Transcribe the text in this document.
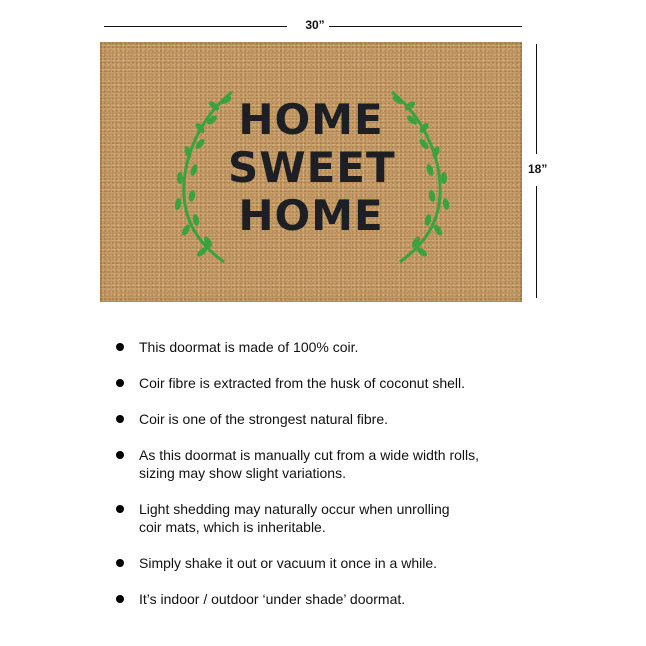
30”
18”
HOME
SWEET
HOME
This doormat is made of 100% coir.
Coir fibre is extracted from the husk of coconut shell.
Coir is one of the strongest natural fibre.
As this doormat is manually cut from a wide width rolls,
sizing may show slight variations.
Light shedding may naturally occur when unrolling
coir mats, which is inheritable.
Simply shake it out or vacuum it once in a while.
It’s indoor / outdoor ‘under shade’ doormat.
